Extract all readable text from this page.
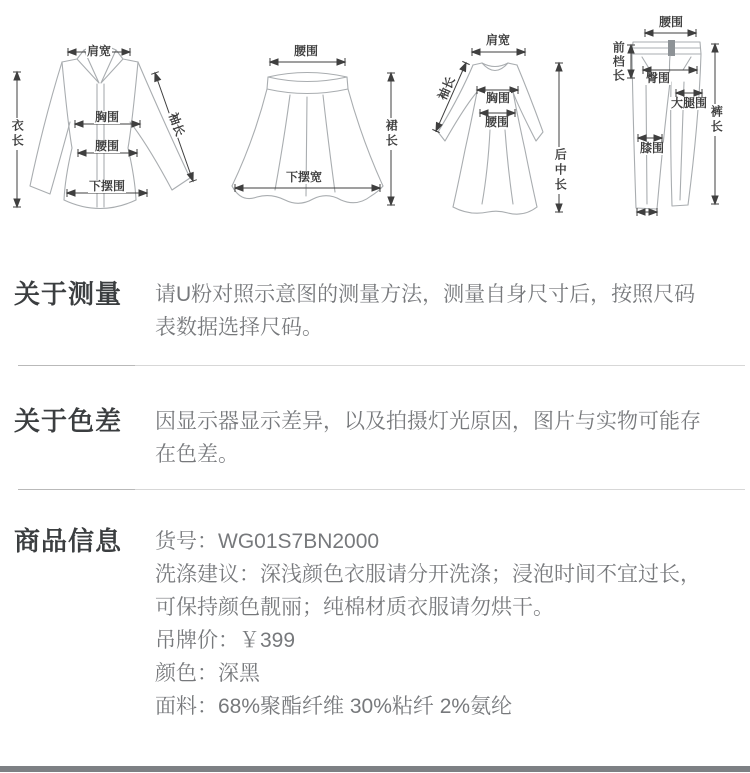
肩宽
衣长	袖长
胸围
腰围
下摆围
腰围
裙长
下摆宽
肩宽
袖长 胸围
腰围
后中长
腰围
前档长 臀围
大腿围
裤长
膝围
关于测量	请U粉对照示意图的测量方法，测量自身尺寸后，按照尺码表数据选择尺码。
关于色差	因显示器显示差异，以及拍摄灯光原因，图片与实物可能存在色差。
商品信息	货号：WG01S7BN2000
洗涤建议：深浅颜色衣服请分开洗涤；浸泡时间不宜过长，可保持颜色靓丽；纯棉材质衣服请勿烘干。
吊牌价：￥399
颜色：深黑
面料：68%聚酯纤维 30%粘纤 2%氨纶
